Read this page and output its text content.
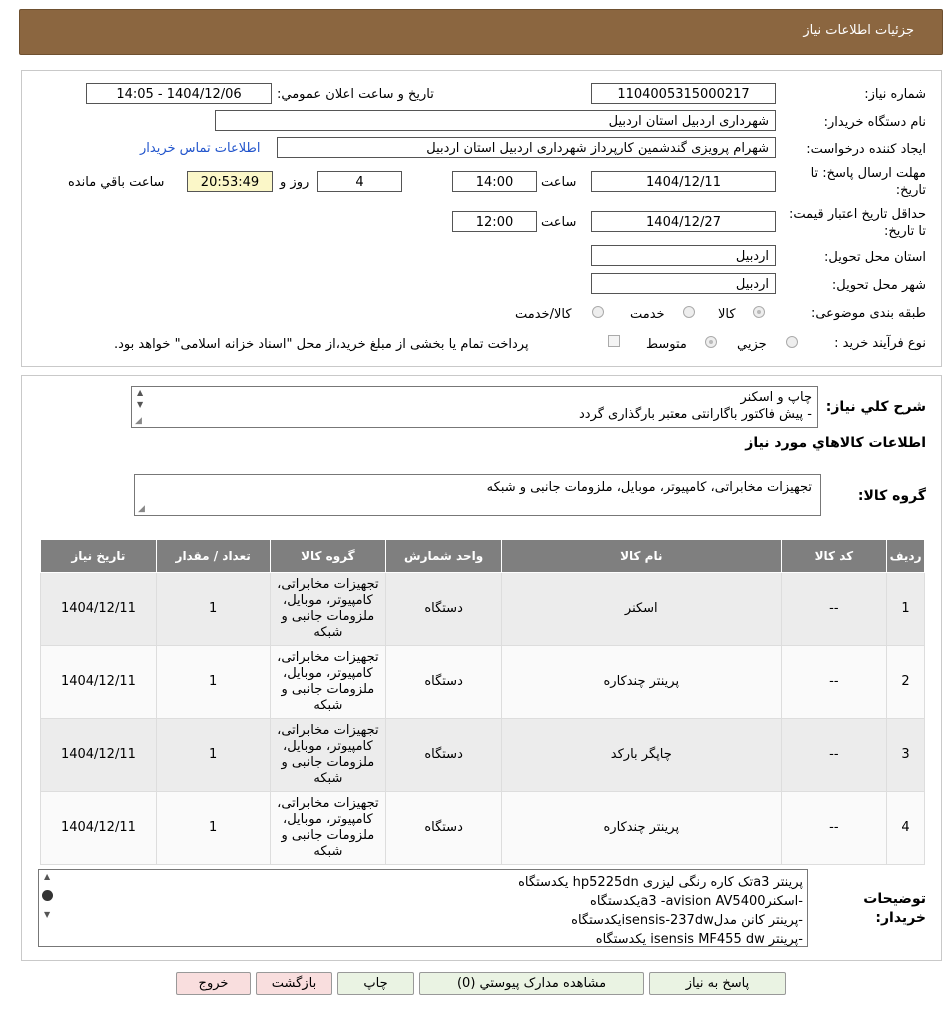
جزئیات اطلاعات نیاز
شماره نیاز:
1104005315000217
تاریخ و ساعت اعلان عمومي:
1404/12/06 - 14:05
نام دستگاه خريدار:
شهرداری اردبیل استان اردبیل
ايجاد کننده درخواست:
شهرام پرویزی گندشمین کارپرداز شهرداری اردبیل استان اردبیل
اطلاعات تماس خريدار
مهلت ارسال پاسخ: تا تاريخ:
1404/12/11
ساعت
14:00
4
روز و
20:53:49
ساعت باقي مانده
حداقل تاريخ اعتبار قيمت: تا تاريخ:
1404/12/27
ساعت
12:00
استان محل تحويل:
اردبیل
شهر محل تحويل:
اردبیل
طبقه بندی موضوعی:
کالا
خدمت
کالا/خدمت
نوع فرآيند خريد :
جزيي
متوسط
پرداخت تمام يا بخشی از مبلغ خريد،از محل "اسناد خزانه اسلامی" خواهد بود.
شرح کلي نياز:
چاپ و اسکنر
- پیش فاکتور باگارانتی معتبر بارگذاری گردد
▲
▼
◢
اطلاعات کالاهاي مورد نياز
گروه کالا:
تجهیزات مخابراتی، کامپیوتر، موبایل، ملزومات جانبی و شبکه
◢
رديف	کد کالا	نام کالا	واحد شمارش	گروه کالا	تعداد / مقدار	تاريخ نياز
1	--	اسکنر	دستگاه	تجهیزات مخابراتی، کامپیوتر، موبایل، ملزومات جانبی و شبکه	1	1404/12/11
2	--	پرینتر چندکاره	دستگاه	تجهیزات مخابراتی، کامپیوتر، موبایل، ملزومات جانبی و شبکه	1	1404/12/11
3	--	چاپگر بارکد	دستگاه	تجهیزات مخابراتی، کامپیوتر، موبایل، ملزومات جانبی و شبکه	1	1404/12/11
4	--	پرینتر چندکاره	دستگاه	تجهیزات مخابراتی، کامپیوتر، موبایل، ملزومات جانبی و شبکه	1	1404/12/11
توضيحات خريدار:
پرینتر a3تک کاره رنگی لیزری hp5225dn یکدستگاه
-اسکنرa3 -avision AV5400یکدستگاه
-پرینتر کانن مدلisensis-237dwیکدستگاه
-پرینتر isensis MF455 dw یکدستگاه
▲
▼
پاسخ به نياز
مشاهده مدارک پيوستي (0)
چاپ
بازگشت
خروج
